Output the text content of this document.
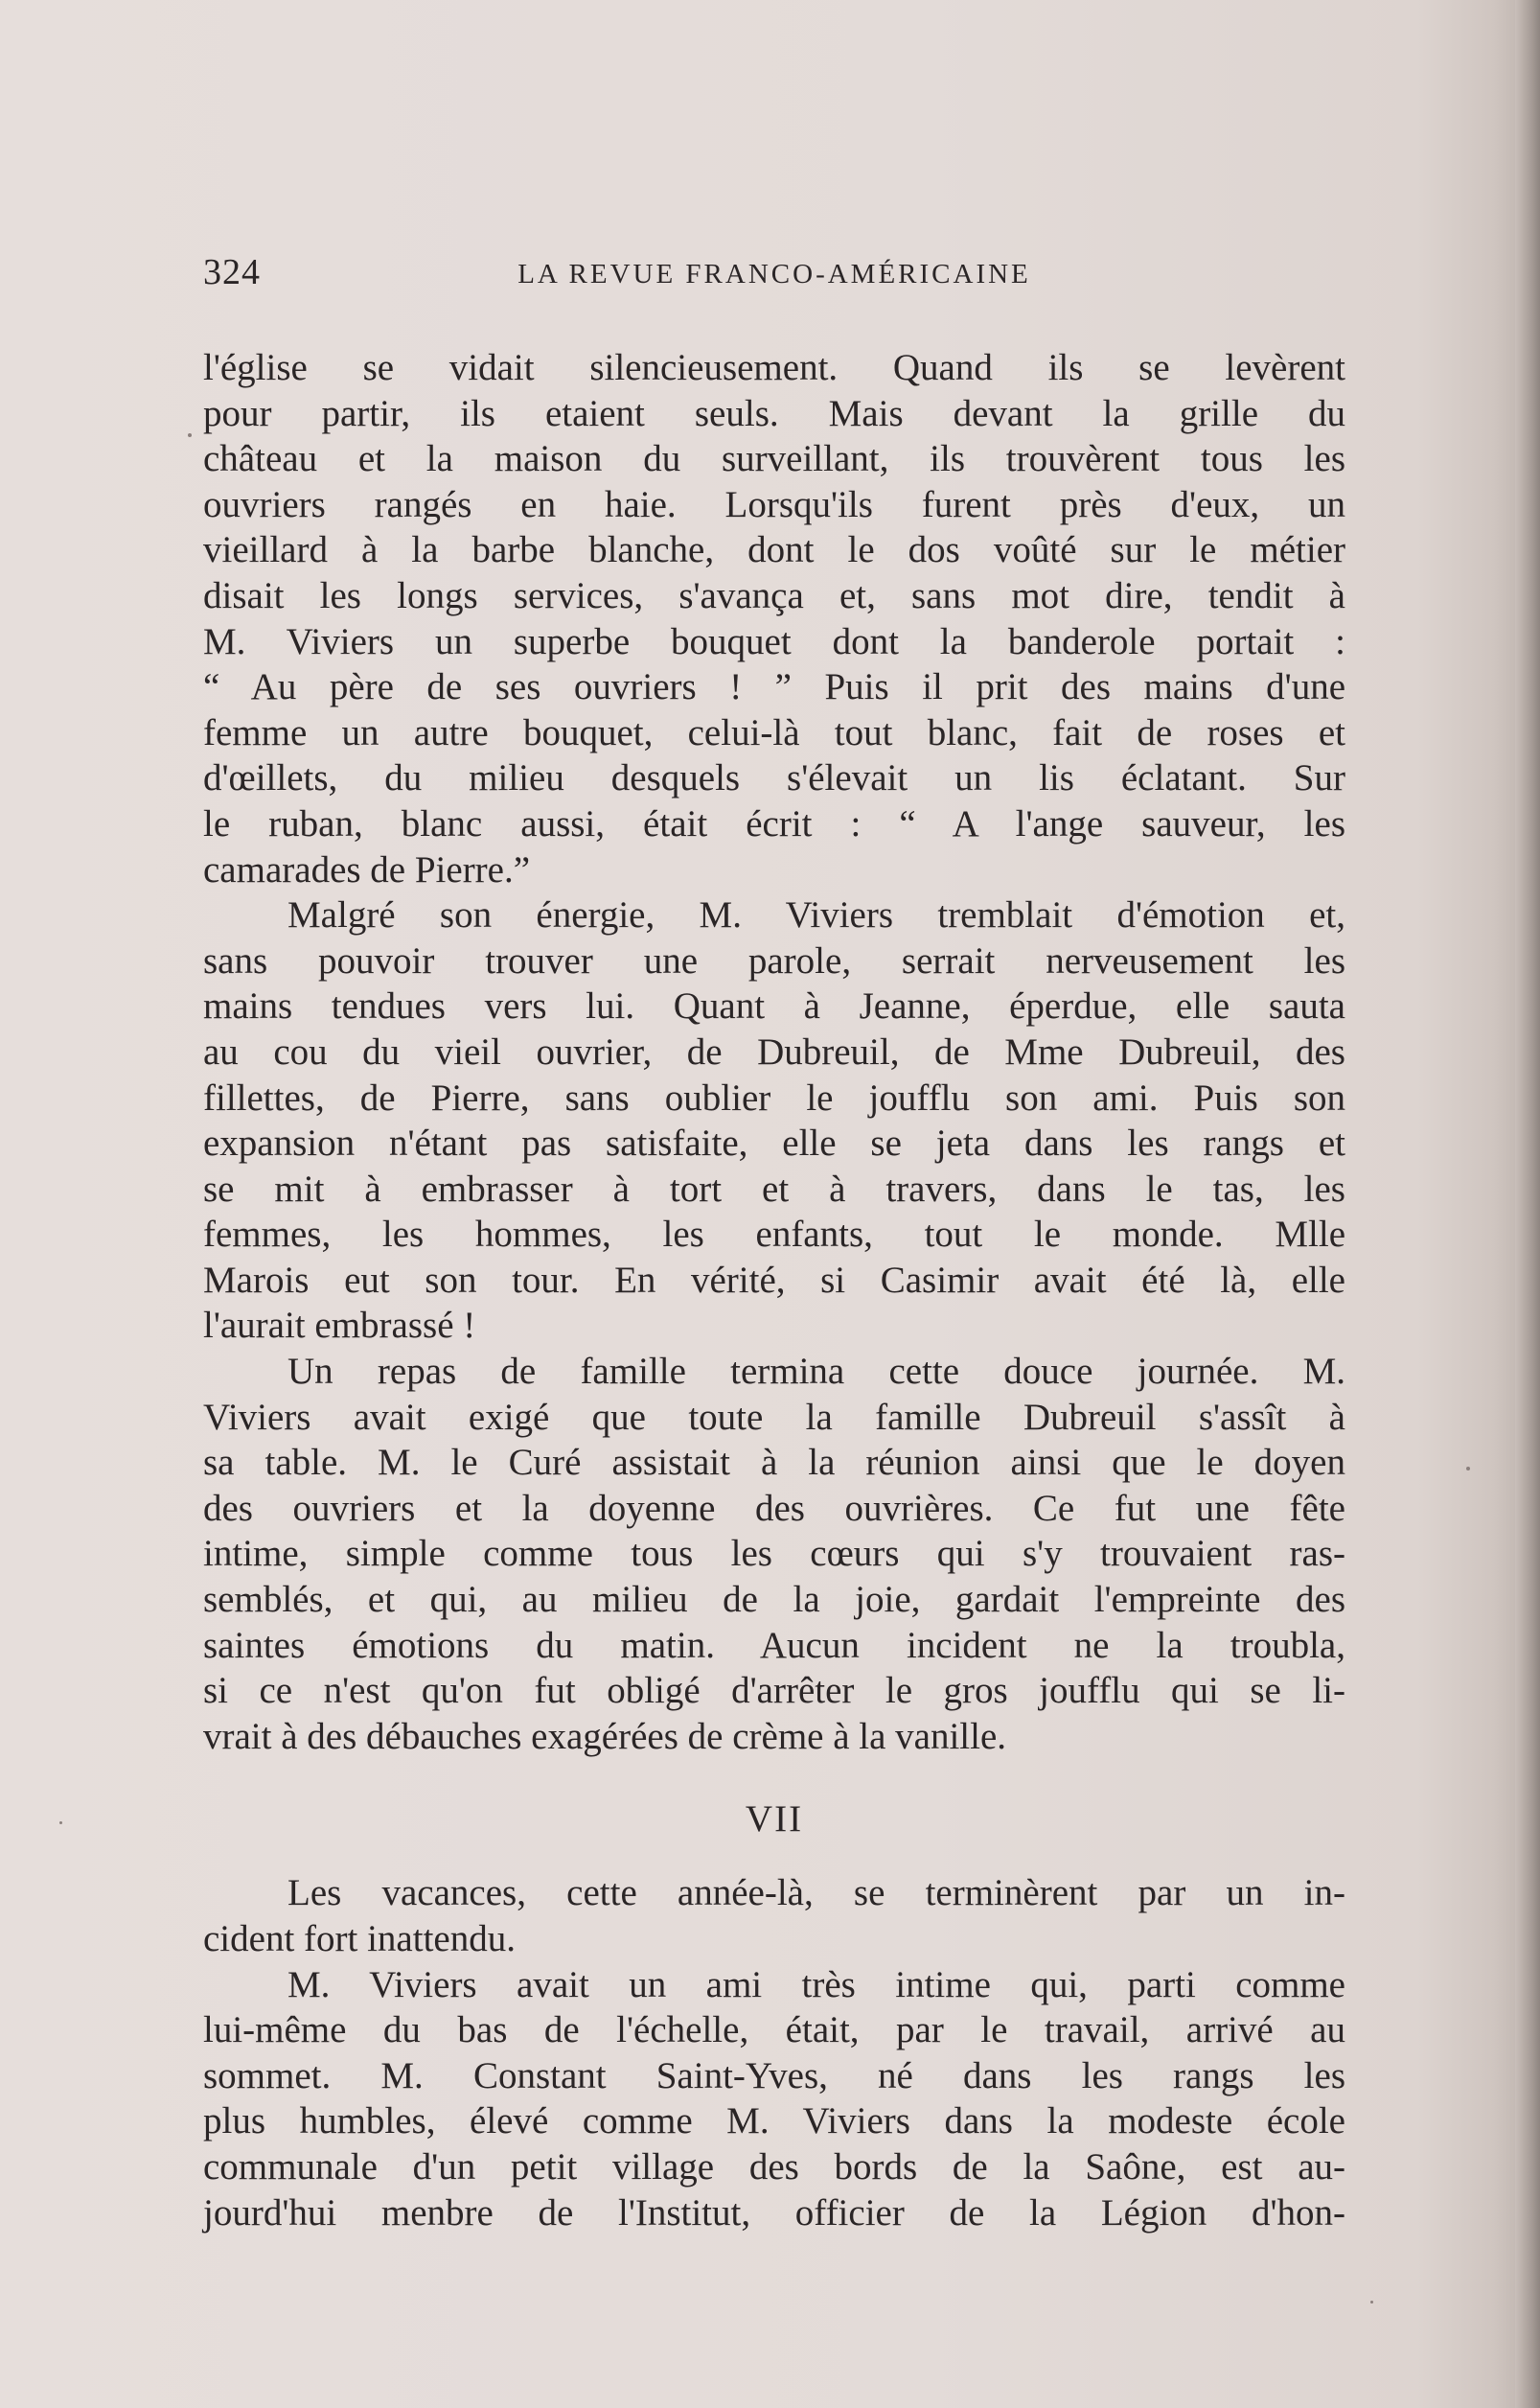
324	LA REVUE FRANCO-AMÉRICAINE
l'église se vidait silencieusement. Quand ils se levèrent
pour partir, ils etaient seuls. Mais devant la grille du
château et la maison du surveillant, ils trouvèrent tous les
ouvriers rangés en haie. Lorsqu'ils furent près d'eux, un
vieillard à la barbe blanche, dont le dos voûté sur le métier
disait les longs services, s'avança et, sans mot dire, tendit à
M. Viviers un superbe bouquet dont la banderole portait :
“ Au père de ses ouvriers ! ” Puis il prit des mains d'une
femme un autre bouquet, celui-là tout blanc, fait de roses et
d'œillets, du milieu desquels s'élevait un lis éclatant. Sur
le ruban, blanc aussi, était écrit : “ A l'ange sauveur, les
camarades de Pierre.”
Malgré son énergie, M. Viviers tremblait d'émotion et,
sans pouvoir trouver une parole, serrait nerveusement les
mains tendues vers lui. Quant à Jeanne, éperdue, elle sauta
au cou du vieil ouvrier, de Dubreuil, de Mme Dubreuil, des
fillettes, de Pierre, sans oublier le joufflu son ami. Puis son
expansion n'étant pas satisfaite, elle se jeta dans les rangs et
se mit à embrasser à tort et à travers, dans le tas, les
femmes, les hommes, les enfants, tout le monde. Mlle
Marois eut son tour. En vérité, si Casimir avait été là, elle
l'aurait embrassé !
Un repas de famille termina cette douce journée. M.
Viviers avait exigé que toute la famille Dubreuil s'assît à
sa table. M. le Curé assistait à la réunion ainsi que le doyen
des ouvriers et la doyenne des ouvrières. Ce fut une fête
intime, simple comme tous les cœurs qui s'y trouvaient ras-
semblés, et qui, au milieu de la joie, gardait l'empreinte des
saintes émotions du matin. Aucun incident ne la troubla,
si ce n'est qu'on fut obligé d'arrêter le gros joufflu qui se li-
vrait à des débauches exagérées de crème à la vanille.
VII
Les vacances, cette année-là, se terminèrent par un in-
cident fort inattendu.
M. Viviers avait un ami très intime qui, parti comme
lui-même du bas de l'échelle, était, par le travail, arrivé au
sommet. M. Constant Saint-Yves, né dans les rangs les
plus humbles, élevé comme M. Viviers dans la modeste école
communale d'un petit village des bords de la Saône, est au-
jourd'hui menbre de l'Institut, officier de la Légion d'hon-
